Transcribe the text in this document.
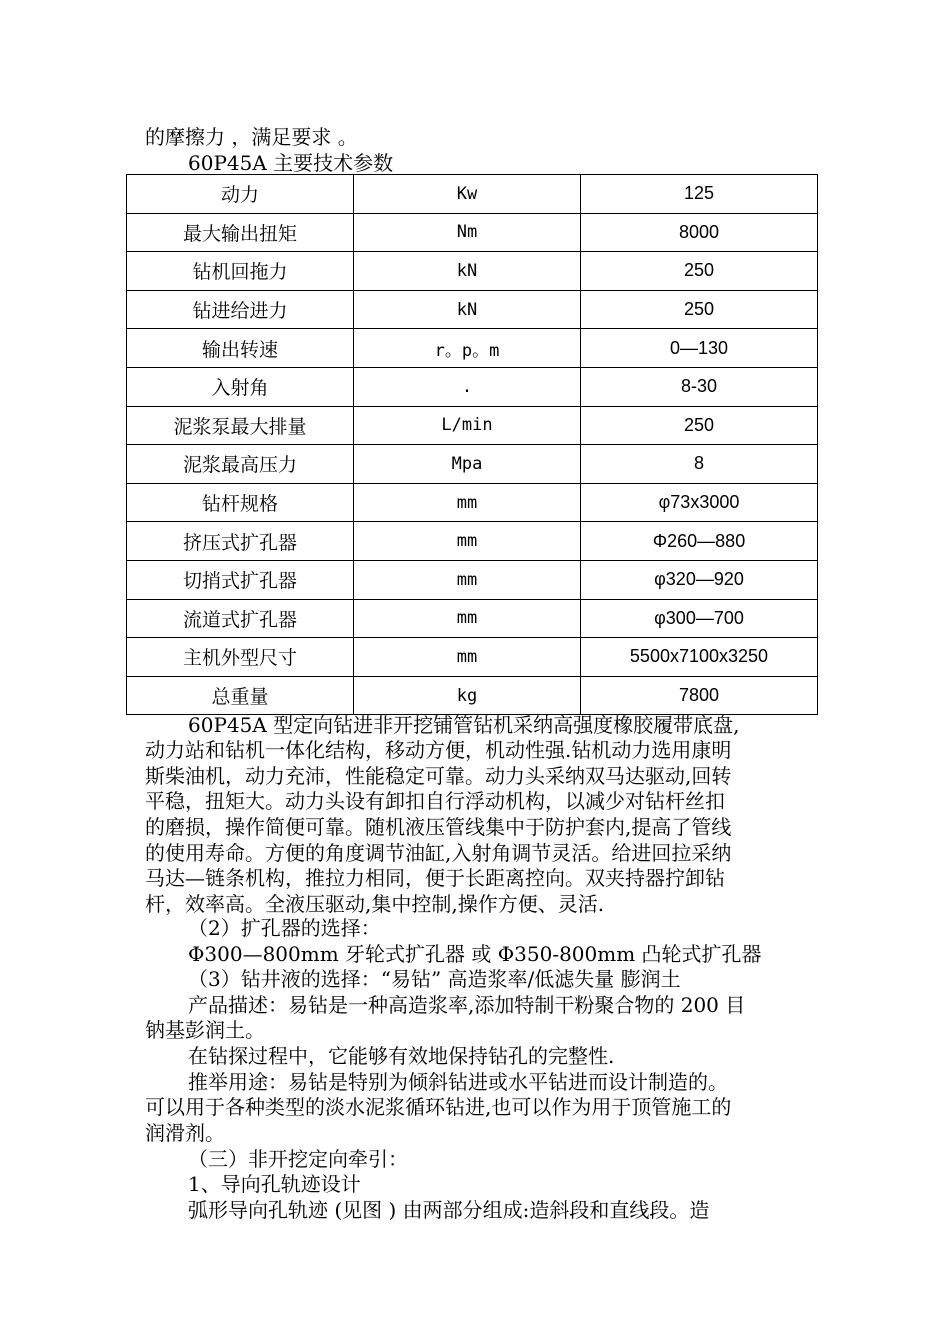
的摩擦力 ，满足要求 。
60P45A 主要技术参数
动力	Kw	125
最大输出扭矩	Nm	8000
钻机回拖力	kN	250
钻进给进力	kN	250
输出转速	r。p。m	0—130
入射角	.	8-30
泥浆泵最大排量	L/min	250
泥浆最高压力	Mpa	8
钻杆规格	mm	φ73x3000
挤压式扩孔器	mm	Φ260—880
切捎式扩孔器	mm	φ320—920
流道式扩孔器	mm	φ300—700
主机外型尺寸	mm	5500x7100x3250
总重量	kg	7800
60P45A 型定向钻进非开挖铺管钻机采纳高强度橡胶履带底盘,
动力站和钻机一体化结构，移动方便，机动性强.钻机动力选用康明
斯柴油机，动力充沛，性能稳定可靠。动力头采纳双马达驱动,回转
平稳，扭矩大。动力头设有卸扣自行浮动机构，以减少对钻杆丝扣
的磨损，操作简便可靠。随机液压管线集中于防护套内,提高了管线
的使用寿命。方便的角度调节油缸,入射角调节灵活。给进回拉采纳
马达—链条机构，推拉力相同，便于长距离控向。双夹持器拧卸钻
杆，效率高。全液压驱动,集中控制,操作方便、灵活.
（2）扩孔器的选择：
Φ300—800mm 牙轮式扩孔器 或 Φ350-800mm 凸轮式扩孔器
（3）钻井液的选择：“易钻” 高造浆率/低滤失量 膨润土
产品描述：易钻是一种高造浆率,添加特制干粉聚合物的 200 目
钠基彭润土。
在钻探过程中，它能够有效地保持钻孔的完整性.
推举用途：易钻是特别为倾斜钻进或水平钻进而设计制造的。
可以用于各种类型的淡水泥浆循环钻进,也可以作为用于顶管施工的
润滑剂。
（三）非开挖定向牵引：
1、导向孔轨迹设计
弧形导向孔轨迹 (见图 ) 由两部分组成:造斜段和直线段。造
